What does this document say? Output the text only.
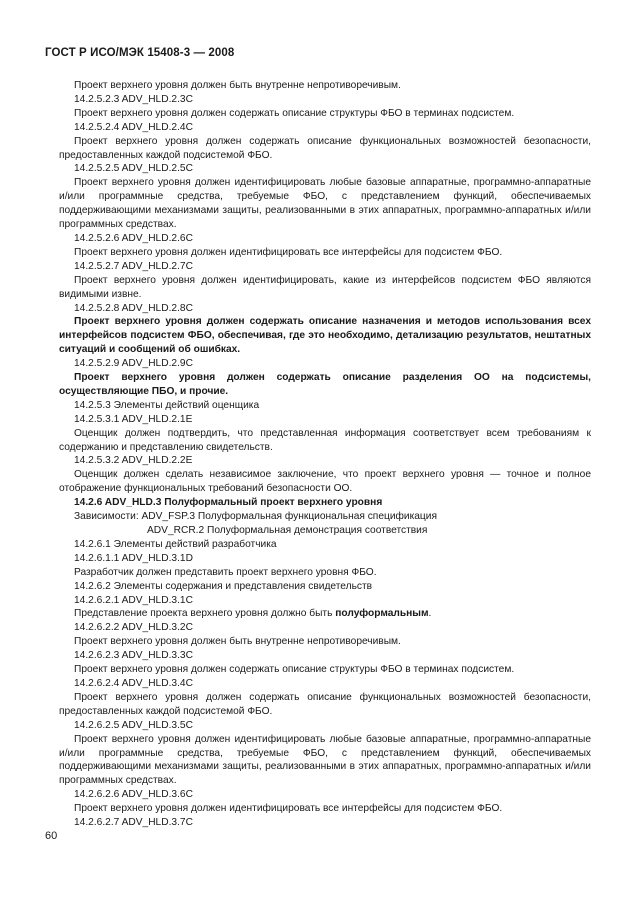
ГОСТ Р ИСО/МЭК 15408-3 — 2008

Проект верхнего уровня должен быть внутренне непротиворечивым.

14.2.5.2.3 ADV_HLD.2.3C

Проект верхнего уровня должен содержать описание структуры ФБО в терминах подсистем.

14.2.5.2.4 ADV_HLD.2.4C

Проект верхнего уровня должен содержать описание функциональных возможностей безопасности, предоставленных каждой подсистемой ФБО.

14.2.5.2.5 ADV_HLD.2.5C

Проект верхнего уровня должен идентифицировать любые базовые аппаратные, программно-аппаратные и/или программные средства, требуемые ФБО, с представлением функций, обеспечиваемых поддерживающими механизмами защиты, реализованными в этих аппаратных, программно-аппаратных и/или программных средствах.

14.2.5.2.6 ADV_HLD.2.6C

Проект верхнего уровня должен идентифицировать все интерфейсы для подсистем ФБО.

14.2.5.2.7 ADV_HLD.2.7C

Проект верхнего уровня должен идентифицировать, какие из интерфейсов подсистем ФБО являются видимыми извне.

14.2.5.2.8 ADV_HLD.2.8C

Проект верхнего уровня должен содержать описание назначения и методов использования всех интерфейсов подсистем ФБО, обеспечивая, где это необходимо, детализацию результатов, нештатных ситуаций и сообщений об ошибках.

14.2.5.2.9 ADV_HLD.2.9C

Проект верхнего уровня должен содержать описание разделения ОО на подсистемы, осуществляющие ПБО, и прочие.

14.2.5.3 Элементы действий оценщика

14.2.5.3.1 ADV_HLD.2.1E

Оценщик должен подтвердить, что представленная информация соответствует всем требованиям к содержанию и представлению свидетельств.

14.2.5.3.2 ADV_HLD.2.2E

Оценщик должен сделать независимое заключение, что проект верхнего уровня — точное и полное отображение функциональных требований безопасности ОО.

14.2.6 ADV_HLD.3 Полуформальный проект верхнего уровня

Зависимости: ADV_FSP.3 Полуформальная функциональная спецификация

ADV_RCR.2 Полуформальная демонстрация соответствия

14.2.6.1 Элементы действий разработчика

14.2.6.1.1 ADV_HLD.3.1D

Разработчик должен представить проект верхнего уровня ФБО.

14.2.6.2 Элементы содержания и представления свидетельств

14.2.6.2.1 ADV_HLD.3.1C

Представление проекта верхнего уровня должно быть полуформальным.

14.2.6.2.2 ADV_HLD.3.2C

Проект верхнего уровня должен быть внутренне непротиворечивым.

14.2.6.2.3 ADV_HLD.3.3C

Проект верхнего уровня должен содержать описание структуры ФБО в терминах подсистем.

14.2.6.2.4 ADV_HLD.3.4C

Проект верхнего уровня должен содержать описание функциональных возможностей безопасности, предоставленных каждой подсистемой ФБО.

14.2.6.2.5 ADV_HLD.3.5C

Проект верхнего уровня должен идентифицировать любые базовые аппаратные, программно-аппаратные и/или программные средства, требуемые ФБО, с представлением функций, обеспечиваемых поддерживающими механизмами защиты, реализованными в этих аппаратных, программно-аппаратных и/или программных средствах.

14.2.6.2.6 ADV_HLD.3.6C

Проект верхнего уровня должен идентифицировать все интерфейсы для подсистем ФБО.

14.2.6.2.7 ADV_HLD.3.7C

60
